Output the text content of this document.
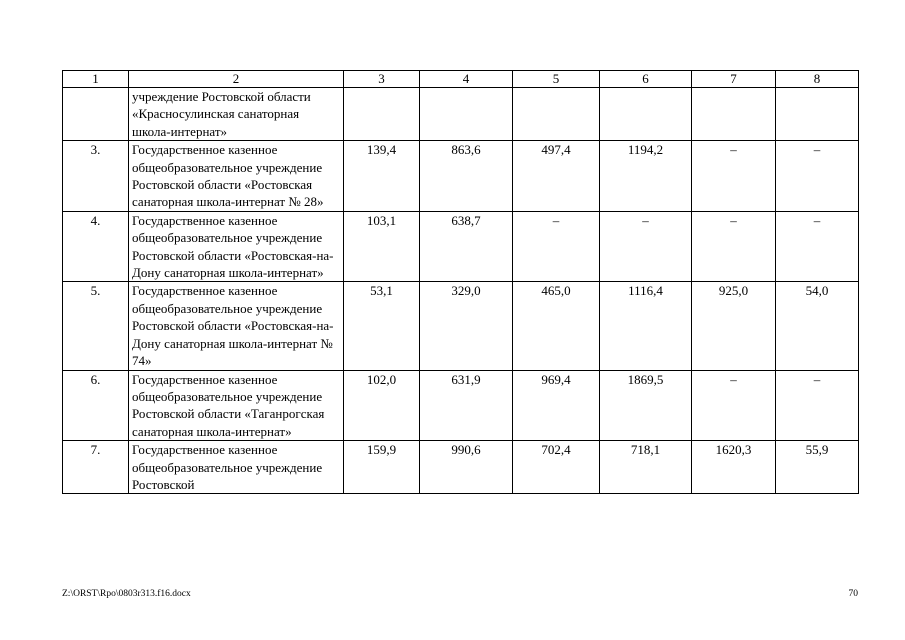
1	2	3	4	5	6	7	8
	учреждение Ростовской области «Красносулинская санаторная школа-интернат»						
3.	Государственное казенное общеобразовательное учреждение Ростовской области «Ростовская санаторная школа-интернат № 28»	139,4	863,6	497,4	1194,2	–	–
4.	Государственное казенное общеобразовательное учреждение Ростовской области «Ростовская-на-Дону санаторная школа-интернат»	103,1	638,7	–	–	–	–
5.	Государственное казенное общеобразовательное учреждение Ростовской области «Ростовская-на-Дону санаторная школа-интернат № 74»	53,1	329,0	465,0	1116,4	925,0	54,0
6.	Государственное казенное общеобразовательное учреждение Ростовской области «Таганрогская санаторная школа-интернат»	102,0	631,9	969,4	1869,5	–	–
7.	Государственное казенное общеобразовательное учреждение Ростовской	159,9	990,6	702,4	718,1	1620,3	55,9
Z:\ORST\Rpo\0803r313.f16.docx	70
